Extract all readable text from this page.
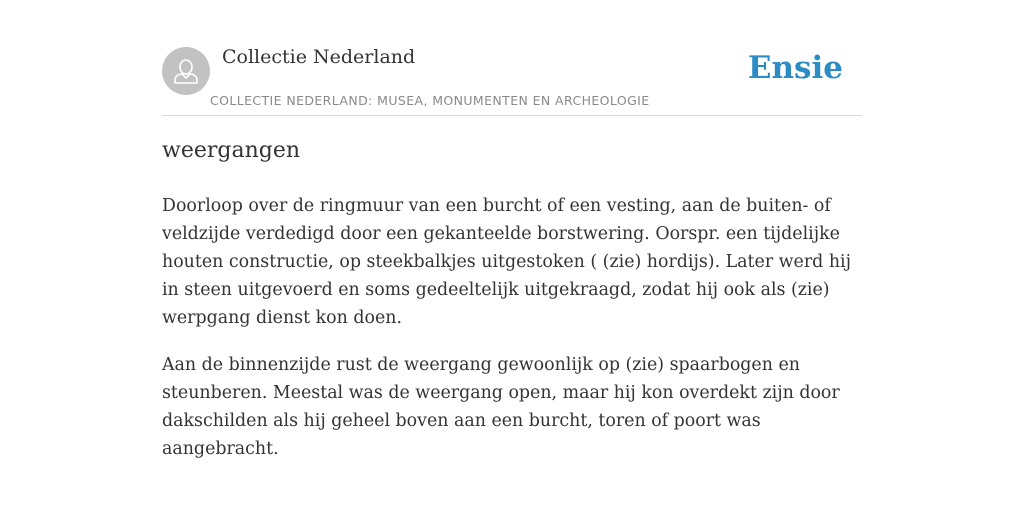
Collectie Nederland
COLLECTIE NEDERLAND: MUSEA, MONUMENTEN EN ARCHEOLOGIE
Ensie
weergangen

Doorloop over de ringmuur van een burcht of een vesting, aan de buiten- of veldzijde verdedigd door een gekanteelde borstwering. Oorspr. een tijdelijke houten constructie, op steekbalkjes uitgestoken ( (zie) hordijs). Later werd hij in steen uitgevoerd en soms gedeeltelijk uitgekraagd, zodat hij ook als (zie) werpgang dienst kon doen.

Aan de binnenzijde rust de weergang gewoonlijk op (zie) spaarbogen en steunberen. Meestal was de weergang open, maar hij kon overdekt zijn door dakschilden als hij geheel boven aan een burcht, toren of poort was aangebracht.
